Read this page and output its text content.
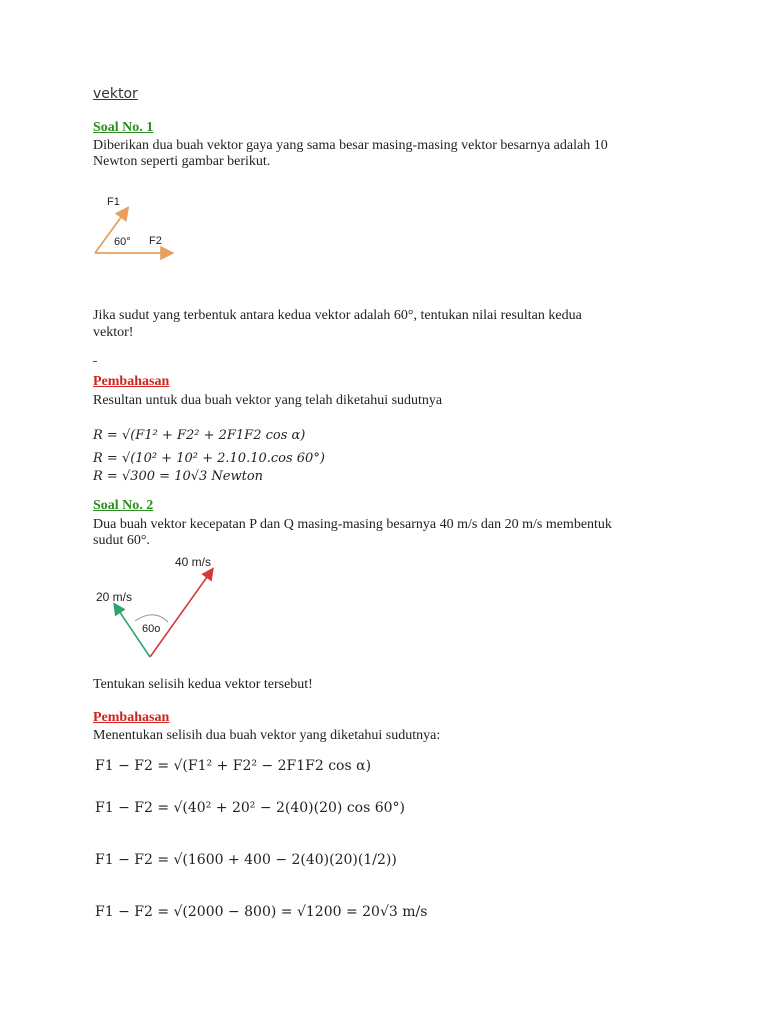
vektor
Soal No. 1
Diberikan dua buah vektor gaya yang sama besar masing-masing vektor besarnya adalah 10
Newton seperti gambar berikut.
F1
F2
60°
Jika sudut yang terbentuk antara kedua vektor adalah 60°, tentukan nilai resultan kedua
vektor!
Pembahasan
Resultan untuk dua buah vektor yang telah diketahui sudutnya
R = √(F1² + F2² + 2F1F2 cos α)
R = √(10² + 10² + 2.10.10.cos 60°)
R = √300 = 10√3 Newton
Soal No. 2
Dua buah vektor kecepatan P dan Q masing-masing besarnya 40 m/s dan 20 m/s membentuk
sudut 60°.
40 m/s
20 m/s
60o
Tentukan selisih kedua vektor tersebut!
Pembahasan
Menentukan selisih dua buah vektor yang diketahui sudutnya:
F1 − F2 = √(F1² + F2² − 2F1F2 cos α)
F1 − F2 = √(40² + 20² − 2(40)(20) cos 60°)
F1 − F2 = √(1600 + 400 − 2(40)(20)(1/2))
F1 − F2 = √(2000 − 800) = √1200 = 20√3 m/s
